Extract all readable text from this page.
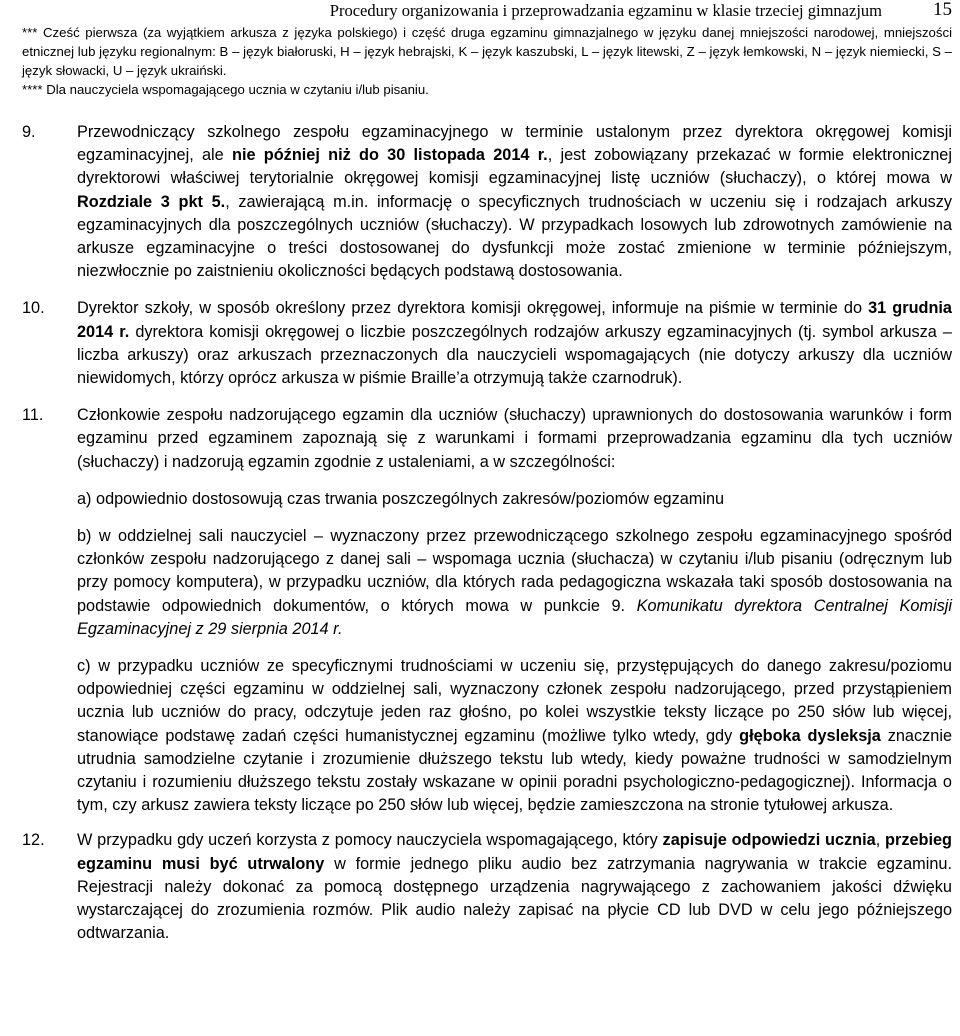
Procedury organizowania i przeprowadzania egzaminu w klasie trzeciej gimnazjum	15
*** Cześć pierwsza (za wyjątkiem arkusza z języka polskiego) i część druga egzaminu gimnazjalnego w języku danej mniejszości narodowej, mniejszości etnicznej lub języku regionalnym: B – język białoruski, H – język hebrajski, K – język kaszubski, L – język litewski, Z – język łemkowski, N – język niemiecki, S – język słowacki, U – język ukraiński.
**** Dla nauczyciela wspomagającego ucznia w czytaniu i/lub pisaniu.
9.	Przewodniczący szkolnego zespołu egzaminacyjnego w terminie ustalonym przez dyrektora okręgowej komisji egzaminacyjnej, ale nie później niż do 30 listopada 2014 r., jest zobowiązany przekazać w formie elektronicznej dyrektorowi właściwej terytorialnie okręgowej komisji egzaminacyjnej listę uczniów (słuchaczy), o której mowa w Rozdziale 3 pkt 5., zawierającą m.in. informację o specyficznych trudnościach w uczeniu się i rodzajach arkuszy egzaminacyjnych dla poszczególnych uczniów (słuchaczy). W przypadkach losowych lub zdrowotnych zamówienie na arkusze egzaminacyjne o treści dostosowanej do dysfunkcji może zostać zmienione w terminie późniejszym, niezwłocznie po zaistnieniu okoliczności będących podstawą dostosowania.
10. Dyrektor szkoły, w sposób określony przez dyrektora komisji okręgowej, informuje na piśmie w terminie do 31 grudnia 2014 r. dyrektora komisji okręgowej o liczbie poszczególnych rodzajów arkuszy egzaminacyjnych (tj. symbol arkusza – liczba arkuszy) oraz arkuszach przeznaczonych dla nauczycieli wspomagających (nie dotyczy arkuszy dla uczniów niewidomych, którzy oprócz arkusza w piśmie Braille’a otrzymują także czarnodruk).
11. Członkowie zespołu nadzorującego egzamin dla uczniów (słuchaczy) uprawnionych do dostosowania warunków i form egzaminu przed egzaminem zapoznają się z warunkami i formami przeprowadzania egzaminu dla tych uczniów (słuchaczy) i nadzorują egzamin zgodnie z ustaleniami, a w szczególności:
a) odpowiednio dostosowują czas trwania poszczególnych zakresów/poziomów egzaminu
b) w oddzielnej sali nauczyciel – wyznaczony przez przewodniczącego szkolnego zespołu egzaminacyjnego spośród członków zespołu nadzorującego z danej sali – wspomaga ucznia (słuchacza) w czytaniu i/lub pisaniu (odręcznym lub przy pomocy komputera), w przypadku uczniów, dla których rada pedagogiczna wskazała taki sposób dostosowania na podstawie odpowiednich dokumentów, o których mowa w punkcie 9. Komunikatu dyrektora Centralnej Komisji Egzaminacyjnej z 29 sierpnia 2014 r.
c) w przypadku uczniów ze specyficznymi trudnościami w uczeniu się, przystępujących do danego zakresu/poziomu odpowiedniej części egzaminu w oddzielnej sali, wyznaczony członek zespołu nadzorującego, przed przystąpieniem ucznia lub uczniów do pracy, odczytuje jeden raz głośno, po kolei wszystkie teksty liczące po 250 słów lub więcej, stanowiące podstawę zadań części humanistycznej egzaminu (możliwe tylko wtedy, gdy głęboka dysleksja znacznie utrudnia samodzielne czytanie i zrozumienie dłuższego tekstu lub wtedy, kiedy poważne trudności w samodzielnym czytaniu i rozumieniu dłuższego tekstu zostały wskazane w opinii poradni psychologiczno-pedagogicznej). Informacja o tym, czy arkusz zawiera teksty liczące po 250 słów lub więcej, będzie zamieszczona na stronie tytułowej arkusza.
12. W przypadku gdy uczeń korzysta z pomocy nauczyciela wspomagającego, który zapisuje odpowiedzi ucznia, przebieg egzaminu musi być utrwalony w formie jednego pliku audio bez zatrzymania nagrywania w trakcie egzaminu. Rejestracji należy dokonać za pomocą dostępnego urządzenia nagrywającego z zachowaniem jakości dźwięku wystarczającej do zrozumienia rozmów. Plik audio należy zapisać na płycie CD lub DVD w celu jego późniejszego odtwarzania.
